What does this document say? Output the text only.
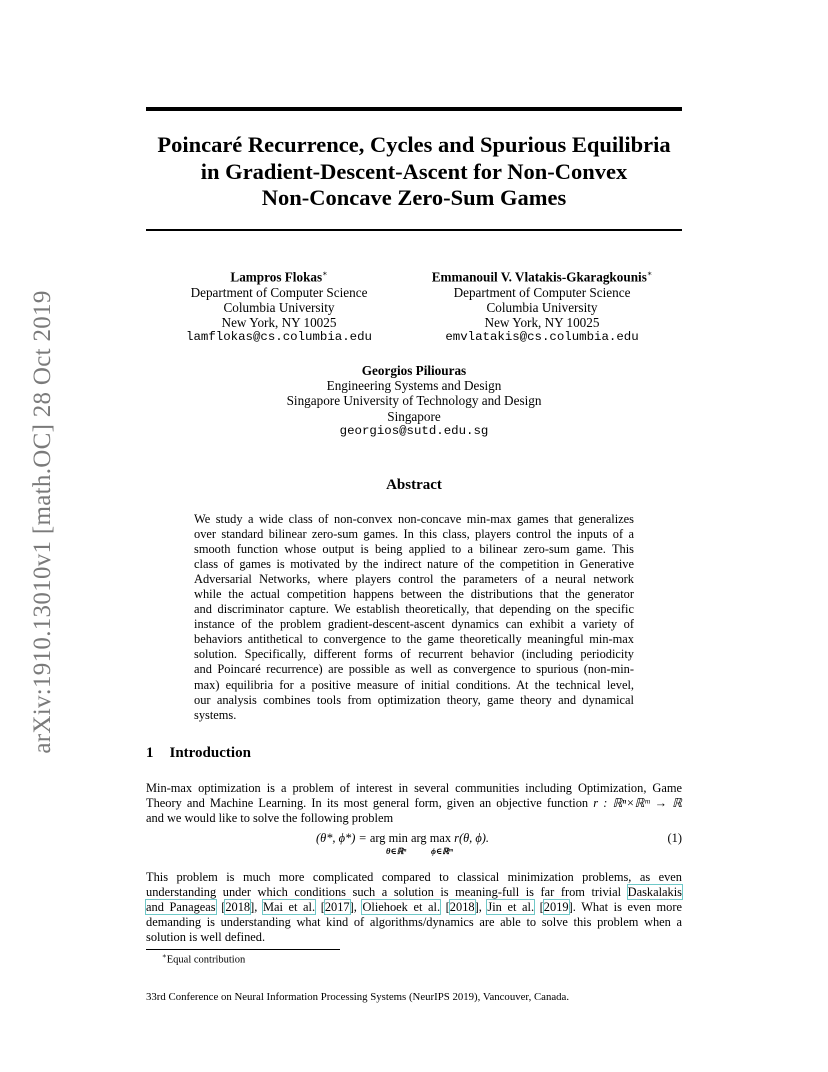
arXiv:1910.13010v1 [math.OC] 28 Oct 2019
Poincaré Recurrence, Cycles and Spurious Equilibria
in Gradient-Descent-Ascent for Non-Convex
Non-Concave Zero-Sum Games
Lampros Flokas∗
Department of Computer Science
Columbia University
New York, NY 10025
lamflokas@cs.columbia.edu
Emmanouil V. Vlatakis-Gkaragkounis∗
Department of Computer Science
Columbia University
New York, NY 10025
emvlatakis@cs.columbia.edu
Georgios Piliouras
Engineering Systems and Design
Singapore University of Technology and Design
Singapore
georgios@sutd.edu.sg
Abstract
We study a wide class of non-convex non-concave min-max games that generalizes
over standard bilinear zero-sum games. In this class, players control the inputs of a
smooth function whose output is being applied to a bilinear zero-sum game. This
class of games is motivated by the indirect nature of the competition in Generative
Adversarial Networks, where players control the parameters of a neural network
while the actual competition happens between the distributions that the generator
and discriminator capture. We establish theoretically, that depending on the specific
instance of the problem gradient-descent-ascent dynamics can exhibit a variety of
behaviors antithetical to convergence to the game theoretically meaningful min-max
solution. Specifically, different forms of recurrent behavior (including periodicity
and Poincaré recurrence) are possible as well as convergence to spurious (non-min-
max) equilibria for a positive measure of initial conditions. At the technical level,
our analysis combines tools from optimization theory, game theory and dynamical
systems.
1 Introduction
Min-max optimization is a problem of interest in several communities including Optimization, Game
Theory and Machine Learning. In its most general form, given an objective function r : ℝⁿ×ℝᵐ → ℝ
and we would like to solve the following problem
(θ*, ϕ*) = arg min arg max r(θ, ϕ).
θ∈ℝⁿ	ϕ∈ℝᵐ
(1)
This problem is much more complicated compared to classical minimization problems, as even
understanding under which conditions such a solution is meaning-full is far from trivial Daskalakis
and Panageas [2018], Mai et al. [2017], Oliehoek et al. [2018], Jin et al. [2019]. What is even more
demanding is understanding what kind of algorithms/dynamics are able to solve this problem when a
solution is well defined.
∗Equal contribution
33rd Conference on Neural Information Processing Systems (NeurIPS 2019), Vancouver, Canada.
